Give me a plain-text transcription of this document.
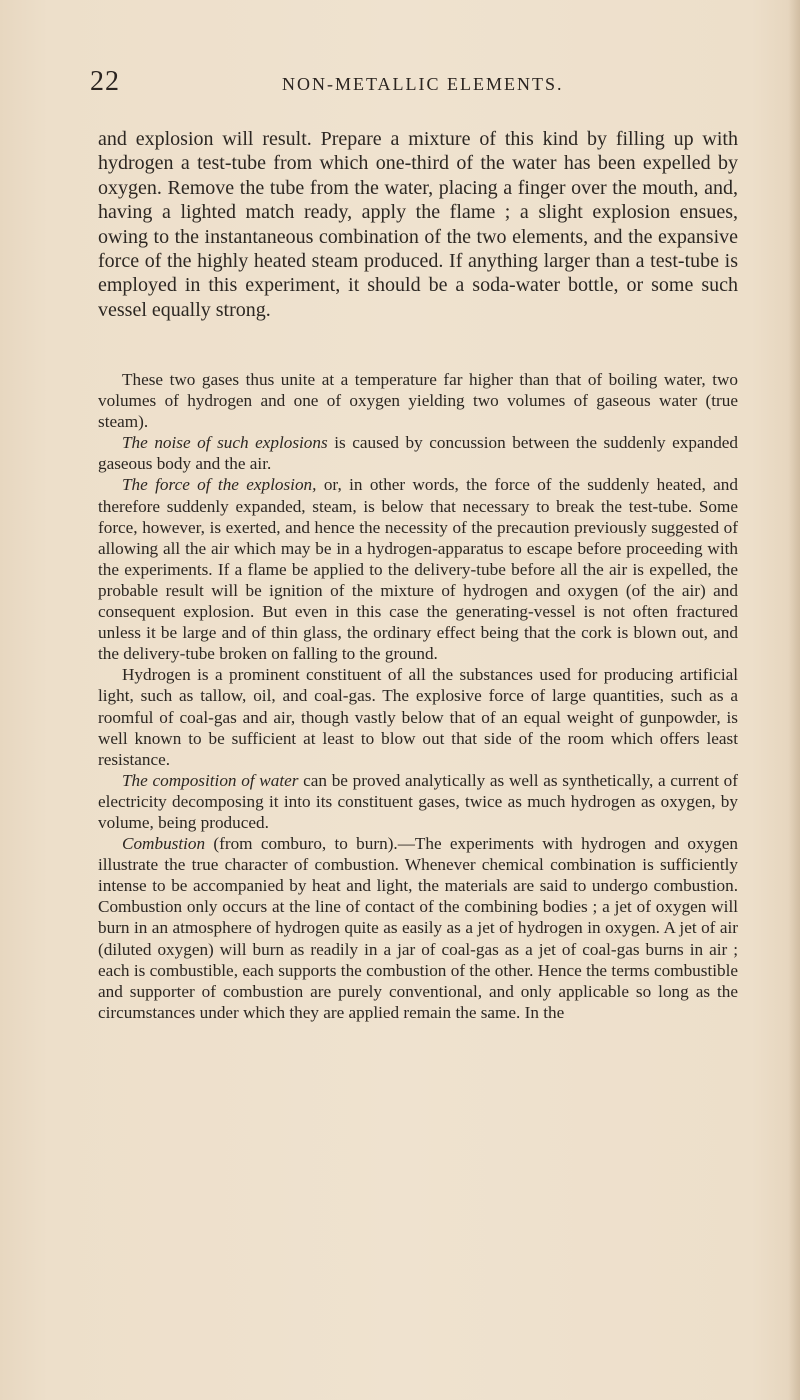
22	NON-METALLIC ELEMENTS.

and explosion will result. Prepare a mixture of this kind by filling up with hydrogen a test-tube from which one-third of the water has been expelled by oxygen. Remove the tube from the water, placing a finger over the mouth, and, having a lighted match ready, apply the flame ; a slight explosion ensues, owing to the instantaneous combination of the two elements, and the expansive force of the highly heated steam produced. If anything larger than a test-tube is employed in this experiment, it should be a soda-water bottle, or some such vessel equally strong.

These two gases thus unite at a temperature far higher than that of boiling water, two volumes of hydrogen and one of oxygen yielding two volumes of gaseous water (true steam).

The noise of such explosions is caused by concussion between the suddenly expanded gaseous body and the air.

The force of the explosion, or, in other words, the force of the suddenly heated, and therefore suddenly expanded, steam, is below that necessary to break the test-tube. Some force, however, is exerted, and hence the necessity of the precaution previously suggested of allowing all the air which may be in a hydrogen-apparatus to escape before proceeding with the experiments. If a flame be applied to the delivery-tube before all the air is expelled, the probable result will be ignition of the mixture of hydrogen and oxygen (of the air) and consequent explosion. But even in this case the generating-vessel is not often fractured unless it be large and of thin glass, the ordinary effect being that the cork is blown out, and the delivery-tube broken on falling to the ground.

Hydrogen is a prominent constituent of all the substances used for producing artificial light, such as tallow, oil, and coal-gas. The explosive force of large quantities, such as a roomful of coal-gas and air, though vastly below that of an equal weight of gunpowder, is well known to be sufficient at least to blow out that side of the room which offers least resistance.

The composition of water can be proved analytically as well as synthetically, a current of electricity decomposing it into its constituent gases, twice as much hydrogen as oxygen, by volume, being produced.

Combustion (from comburo, to burn).—The experiments with hydrogen and oxygen illustrate the true character of combustion. Whenever chemical combination is sufficiently intense to be accompanied by heat and light, the materials are said to undergo combustion. Combustion only occurs at the line of contact of the combining bodies ; a jet of oxygen will burn in an atmosphere of hydrogen quite as easily as a jet of hydrogen in oxygen. A jet of air (diluted oxygen) will burn as readily in a jar of coal-gas as a jet of coal-gas burns in air ; each is combustible, each supports the combustion of the other. Hence the terms combustible and supporter of combustion are purely conventional, and only applicable so long as the circumstances under which they are applied remain the same. In the
